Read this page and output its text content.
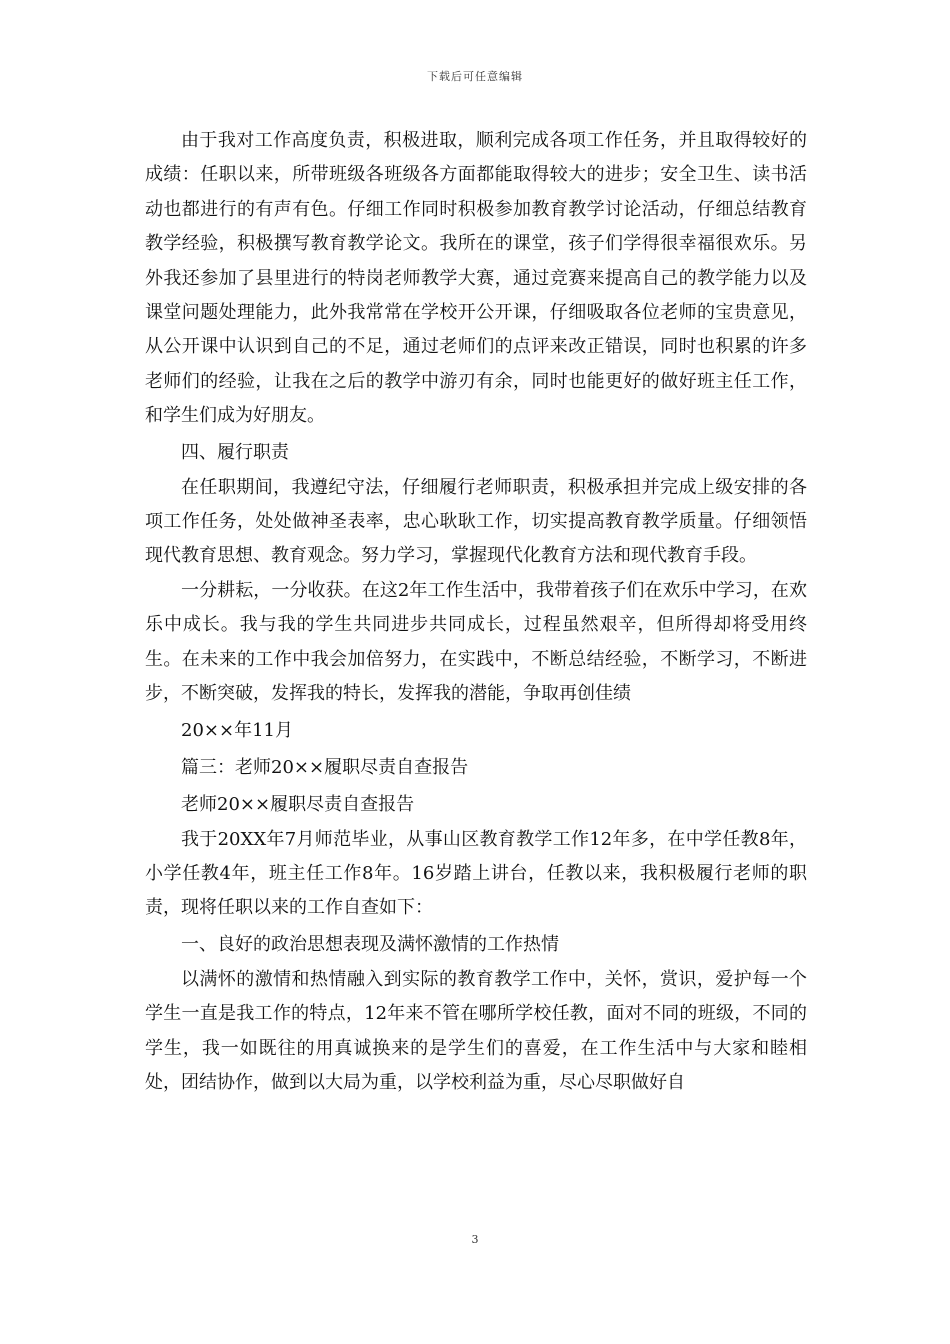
下载后可任意编辑

由于我对工作高度负责，积极进取，顺利完成各项工作任务，并且取得较好的成绩：任职以来，所带班级各班级各方面都能取得较大的进步；安全卫生、读书活动也都进行的有声有色。仔细工作同时积极参加教育教学讨论活动，仔细总结教育教学经验，积极撰写教育教学论文。我所在的课堂，孩子们学得很幸福很欢乐。另外我还参加了县里进行的特岗老师教学大赛，通过竞赛来提高自己的教学能力以及课堂问题处理能力，此外我常常在学校开公开课，仔细吸取各位老师的宝贵意见，从公开课中认识到自己的不足，通过老师们的点评来改正错误，同时也积累的许多老师们的经验，让我在之后的教学中游刃有余，同时也能更好的做好班主任工作，和学生们成为好朋友。

四、履行职责

在任职期间，我遵纪守法，仔细履行老师职责，积极承担并完成上级安排的各项工作任务，处处做神圣表率，忠心耿耿工作，切实提高教育教学质量。仔细领悟现代教育思想、教育观念。努力学习，掌握现代化教育方法和现代教育手段。

一分耕耘，一分收获。在这2年工作生活中，我带着孩子们在欢乐中学习，在欢乐中成长。我与我的学生共同进步共同成长，过程虽然艰辛，但所得却将受用终生。在未来的工作中我会加倍努力，在实践中，不断总结经验，不断学习，不断进步，不断突破，发挥我的特长，发挥我的潜能，争取再创佳绩

20××年11月

篇三：老师20××履职尽责自查报告

老师20××履职尽责自查报告

我于20XX年7月师范毕业，从事山区教育教学工作12年多，在中学任教8年，小学任教4年，班主任工作8年。16岁踏上讲台，任教以来，我积极履行老师的职责，现将任职以来的工作自查如下：

一、良好的政治思想表现及满怀激情的工作热情

以满怀的激情和热情融入到实际的教育教学工作中，关怀，赏识，爱护每一个学生一直是我工作的特点，12年来不管在哪所学校任教，面对不同的班级，不同的学生，我一如既往的用真诚换来的是学生们的喜爱，在工作生活中与大家和睦相处，团结协作，做到以大局为重，以学校利益为重，尽心尽职做好自

3
